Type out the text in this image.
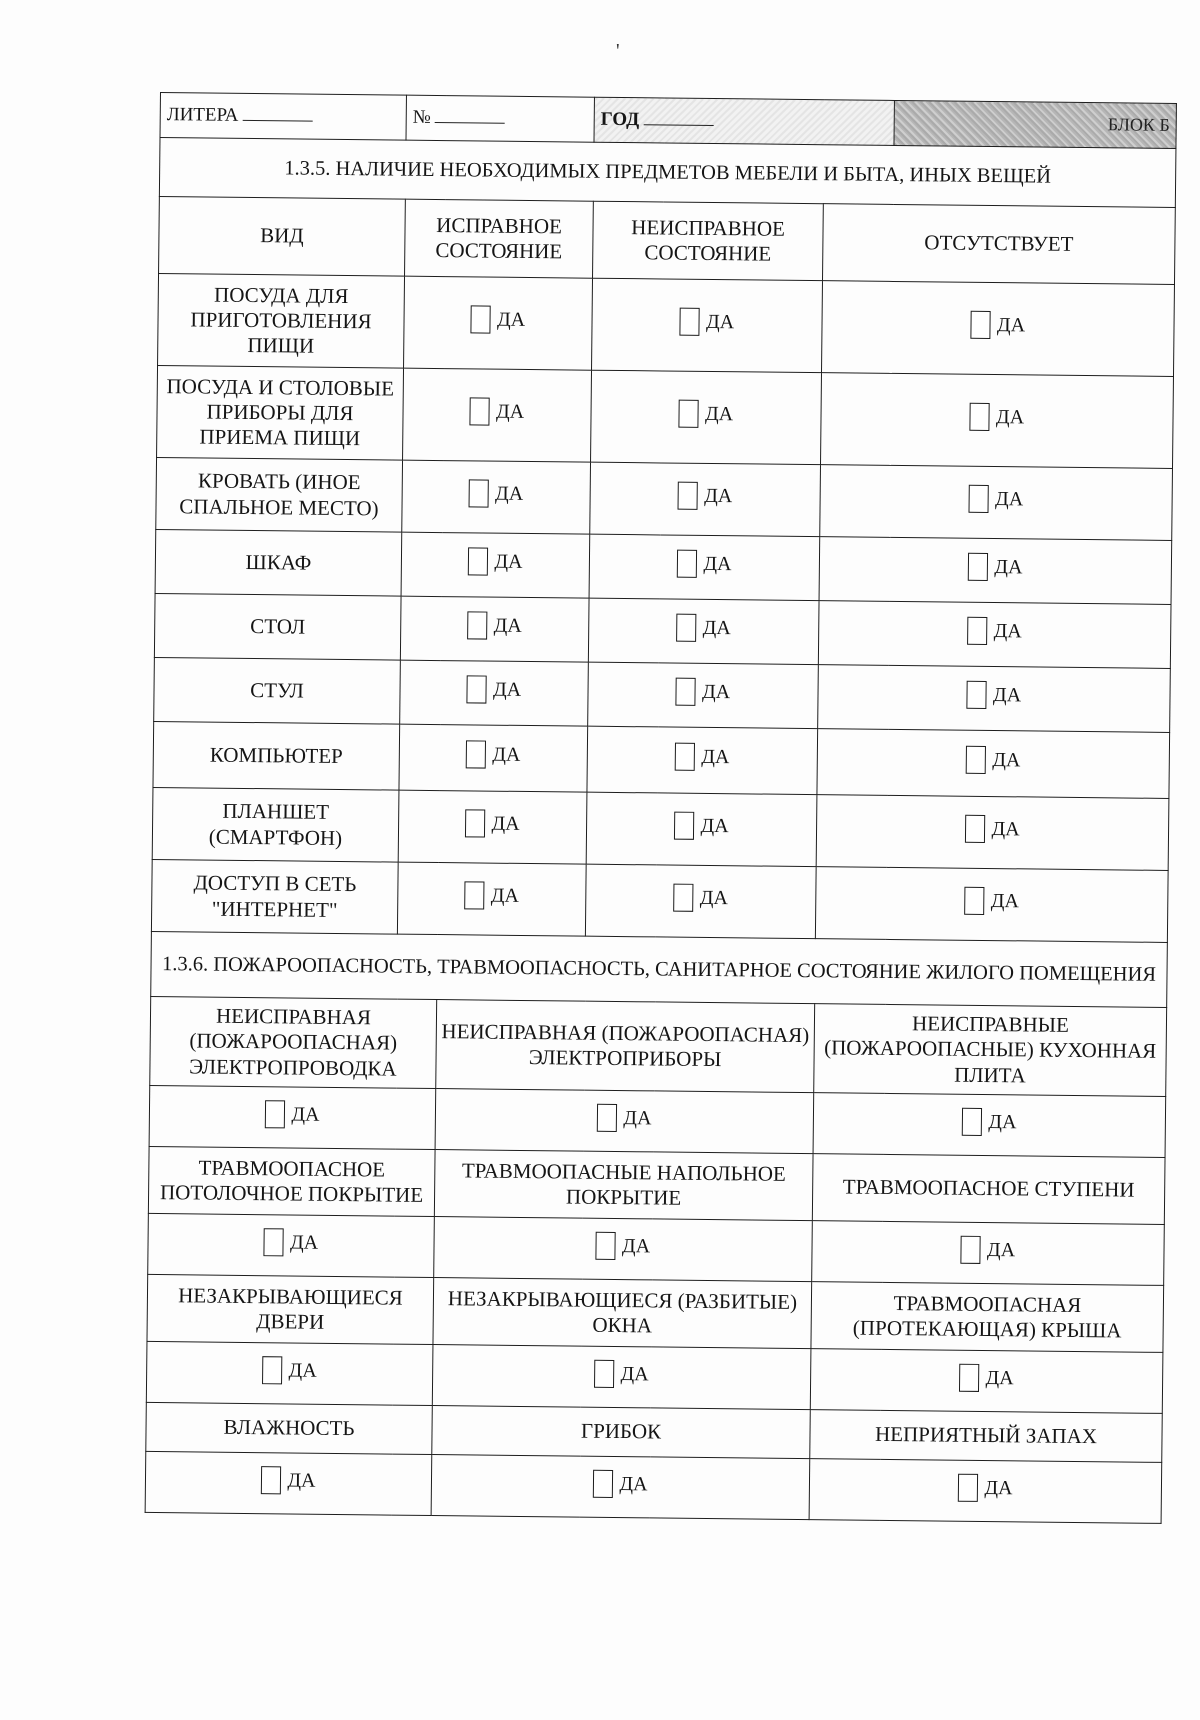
'
ЛИТЕРА	№		ГОД		БЛОК Б
1.3.5. НАЛИЧИЕ НЕОБХОДИМЫХ ПРЕДМЕТОВ МЕБЕЛИ И БЫТА, ИНЫХ ВЕЩЕЙ					
ВИД	ИСПРАВНОЕ СОСТОЯНИЕ		НЕИСПРАВНОЕ СОСТОЯНИЕ	ОТСУТСТВУЕТ	
ПОСУДА ДЛЯ ПРИГОТОВЛЕНИЯ ПИЩИ	ДА		ДА	ДА	

ПОСУДА И СТОЛОВЫЕ ПРИБОРЫ ДЛЯ ПРИЕМА ПИЩИ	ДА		ДА	ДА	

КРОВАТЬ (ИНОЕ СПАЛЬНОЕ МЕСТО)	ДА		ДА	ДА	

ШКАФ	ДА		ДА	ДА	

СТОЛ	ДА		ДА	ДА	

СТУЛ	ДА		ДА	ДА	

КОМПЬЮТЕР	ДА		ДА	ДА	

ПЛАНШЕТ (СМАРТФОН)	ДА		ДА	ДА	

ДОСТУП В СЕТЬ "ИНТЕРНЕТ"	ДА		ДА	ДА	

1.3.6. ПОЖАРООПАСНОСТЬ, ТРАВМООПАСНОСТЬ, САНИТАРНОЕ СОСТОЯНИЕ ЖИЛОГО ПОМЕЩЕНИЯ					
НЕИСПРАВНАЯ (ПОЖАРООПАСНАЯ) ЭЛЕКТРОПРОВОДКА		НЕИСПРАВНАЯ (ПОЖАРООПАСНАЯ) ЭЛЕКТРОПРИБОРЫ		НЕИСПРАВНЫЕ (ПОЖАРООПАСНЫЕ) КУХОННАЯ ПЛИТА	

ДА		ДА		ДА	

ТРАВМООПАСНОЕ ПОТОЛОЧНОЕ ПОКРЫТИЕ		ТРАВМООПАСНЫЕ НАПОЛЬНОЕ ПОКРЫТИЕ		ТРАВМООПАСНОЕ СТУПЕНИ	

ДА		ДА		ДА	

НЕЗАКРЫВАЮЩИЕСЯ ДВЕРИ		НЕЗАКРЫВАЮЩИЕСЯ (РАЗБИТЫЕ) ОКНА		ТРАВМООПАСНАЯ (ПРОТЕКАЮЩАЯ) КРЫША	

ДА		ДА		ДА	

ВЛАЖНОСТЬ		ГРИБОК		НЕПРИЯТНЫЙ ЗАПАХ	

ДА		ДА		ДА	
